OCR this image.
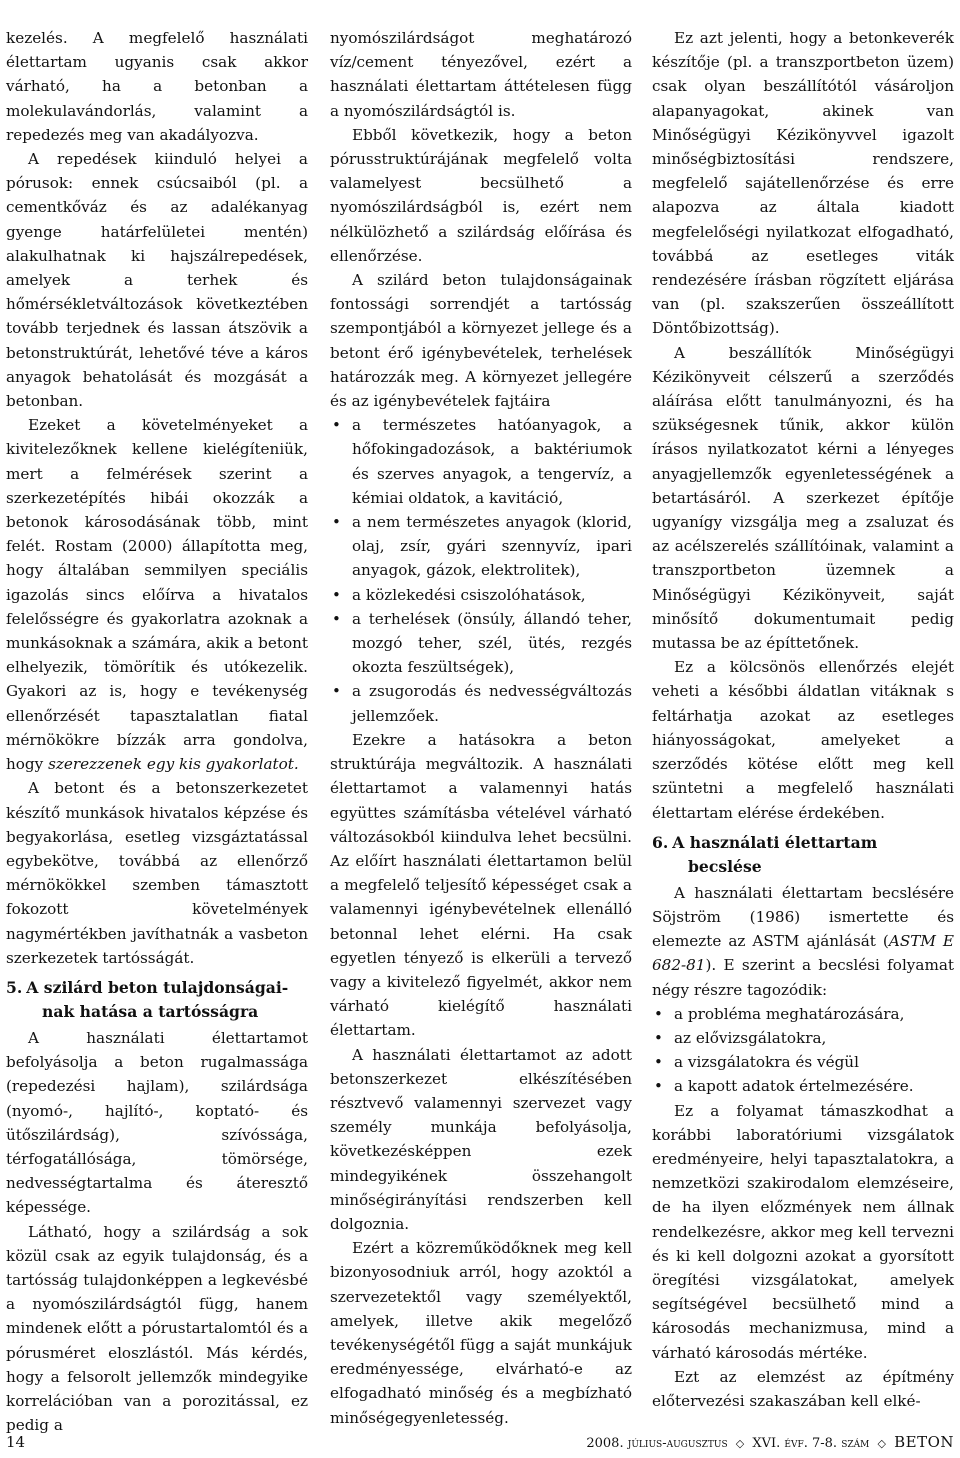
kezelés. A megfelelő használati élettartam ugyanis csak akkor várható, ha a betonban a molekulavándorlás, valamint a repedezés meg van akadályozva.

A repedések kiinduló helyei a pórusok: ennek csúcsaiból (pl. a cementkőváz és az adalékanyag gyenge határfelületei mentén) alakulhatnak ki hajszálrepedések, amelyek a terhek és hőmérsékletváltozások következtében tovább terjednek és lassan átszövik a betonstruktúrát, lehetővé téve a káros anyagok behatolását és mozgását a betonban.

Ezeket a követelményeket a kivitelezőknek kellene kielégíteniük, mert a felmérések szerint a szerkezetépítés hibái okozzák a betonok károsodásának több, mint felét. Rostam (2000) állapította meg, hogy általában semmilyen speciális igazolás sincs előírva a hivatalos felelősségre és gyakorlatra azoknak a munkásoknak a számára, akik a betont elhelyezik, tömörítik és utókezelik. Gyakori az is, hogy e tevékenység ellenőrzését tapasztalatlan fiatal mérnökökre bízzák arra gondolva, hogy szerezzenek egy kis gyakorlatot.

A betont és a betonszerkezetet készítő munkások hivatalos képzése és begyakorlása, esetleg vizsgáztatással egybekötve, továbbá az ellenőrző mérnökökkel szemben támasztott fokozott követelmények nagymértékben javíthatnák a vasbeton szerkezetek tartósságát.

5. A szilárd beton tulajdonságai-
nak hatása a tartósságra

A használati élettartamot befolyásolja a beton rugalmassága (repedezési hajlam), szilárdsága (nyomó-, hajlító-, koptató- és ütőszilárdság), szívóssága, térfogatállósága, tömörsége, nedvességtartalma és áteresztő képessége.

Látható, hogy a szilárdság a sok közül csak az egyik tulajdonság, és a tartósság tulajdonképpen a legkevésbé a nyomószilárdságtól függ, hanem mindenek előtt a pórustartalomtól és a pórusméret eloszlástól. Más kérdés, hogy a felsorolt jellemzők mindegyike korrelációban van a porozitással, ez pedig a

nyomószilárdságot meghatározó víz/cement tényezővel, ezért a használati élettartam áttételesen függ a nyomószilárdságtól is.

Ebből következik, hogy a beton pórusstruktúrájának megfelelő volta valamelyest becsülhető a nyomószilárdságból is, ezért nem nélkülözhető a szilárdság előírása és ellenőrzése.

A szilárd beton tulajdonságainak fontossági sorrendjét a tartósság szempontjából a környezet jellege és a betont érő igénybevételek, terhelések határozzák meg. A környezet jellegére és az igénybevételek fajtáira

• a természetes hatóanyagok, a hőfokingadozások, a baktériumok és szerves anyagok, a tengervíz, a kémiai oldatok, a kavitáció,
• a nem természetes anyagok (klorid, olaj, zsír, gyári szennyvíz, ipari anyagok, gázok, elektrolitek),
• a közlekedési csiszolóhatások,
• a terhelések (önsúly, állandó teher, mozgó teher, szél, ütés, rezgés okozta feszültségek),
• a zsugorodás és nedvességváltozás jellemzőek.

Ezekre a hatásokra a beton struktúrája megváltozik. A használati élettartamot a valamennyi hatás együttes számításba vételével várható változásokból kiindulva lehet becsülni. Az előírt használati élettartamon belül a megfelelő teljesítő képességet csak a valamennyi igénybevételnek ellenálló betonnal lehet elérni. Ha csak egyetlen tényező is elkerüli a tervező vagy a kivitelező figyelmét, akkor nem várható kielégítő használati élettartam.

A használati élettartamot az adott betonszerkezet elkészítésében résztvevő valamennyi szervezet vagy személy munkája befolyásolja, következésképpen ezek mindegyikének összehangolt minőségirányítási rendszerben kell dolgoznia.

Ezért a közreműködőknek meg kell bizonyosodniuk arról, hogy azoktól a szervezetektől vagy személyektől, amelyek, illetve akik megelőző tevékenységétől függ a saját munkájuk eredményessége, elvárható-e az elfogadható minőség és a megbízható minőségegyenletesség.

Ez azt jelenti, hogy a betonkeverék készítője (pl. a transzportbeton üzem) csak olyan beszállítótól vásároljon alapanyagokat, akinek van Minőségügyi Kézikönyvvel igazolt minőségbiztosítási rendszere, megfelelő sajátellenőrzése és erre alapozva az általa kiadott megfelelőségi nyilatkozat elfogadható, továbbá az esetleges viták rendezésére írásban rögzített eljárása van (pl. szakszerűen összeállított Döntőbizottság).

A beszállítók Minőségügyi Kézikönyveit célszerű a szerződés aláírása előtt tanulmányozni, és ha szükségesnek tűnik, akkor külön írásos nyilatkozatot kérni a lényeges anyagjellemzők egyenletességének a betartásáról. A szerkezet építője ugyanígy vizsgálja meg a zsaluzat és az acélszerelés szállítóinak, valamint a transzportbeton üzemnek a Minőségügyi Kézikönyveit, saját minősítő dokumentumait pedig mutassa be az építtetőnek.

Ez a kölcsönös ellenőrzés elejét veheti a későbbi áldatlan vitáknak s feltárhatja azokat az esetleges hiányosságokat, amelyeket a szerződés kötése előtt meg kell szüntetni a megfelelő használati élettartam elérése érdekében.

6. A használati élettartam
becslése

A használati élettartam becslésére Söjström (1986) ismertette és elemezte az ASTM ajánlását (ASTM E 682-81). E szerint a becslési folyamat négy részre tagozódik:

• a probléma meghatározására,
• az elővizsgálatokra,
• a vizsgálatokra és végül
• a kapott adatok értelmezésére.

Ez a folyamat támaszkodhat a korábbi laboratóriumi vizsgálatok eredményeire, helyi tapasztalatokra, a nemzetközi szakirodalom elemzéseire, de ha ilyen előzmények nem állnak rendelkezésre, akkor meg kell tervezni és ki kell dolgozni azokat a gyorsított öregítési vizsgálatokat, amelyek segítségével becsülhető mind a károsodás mechanizmusa, mind a várható károsodás mértéke.

Ezt az elemzést az építmény előtervezési szakaszában kell elké-

14	2008. július-augusztus ◇ XVI. évf. 7-8. szám ◇ BETON
